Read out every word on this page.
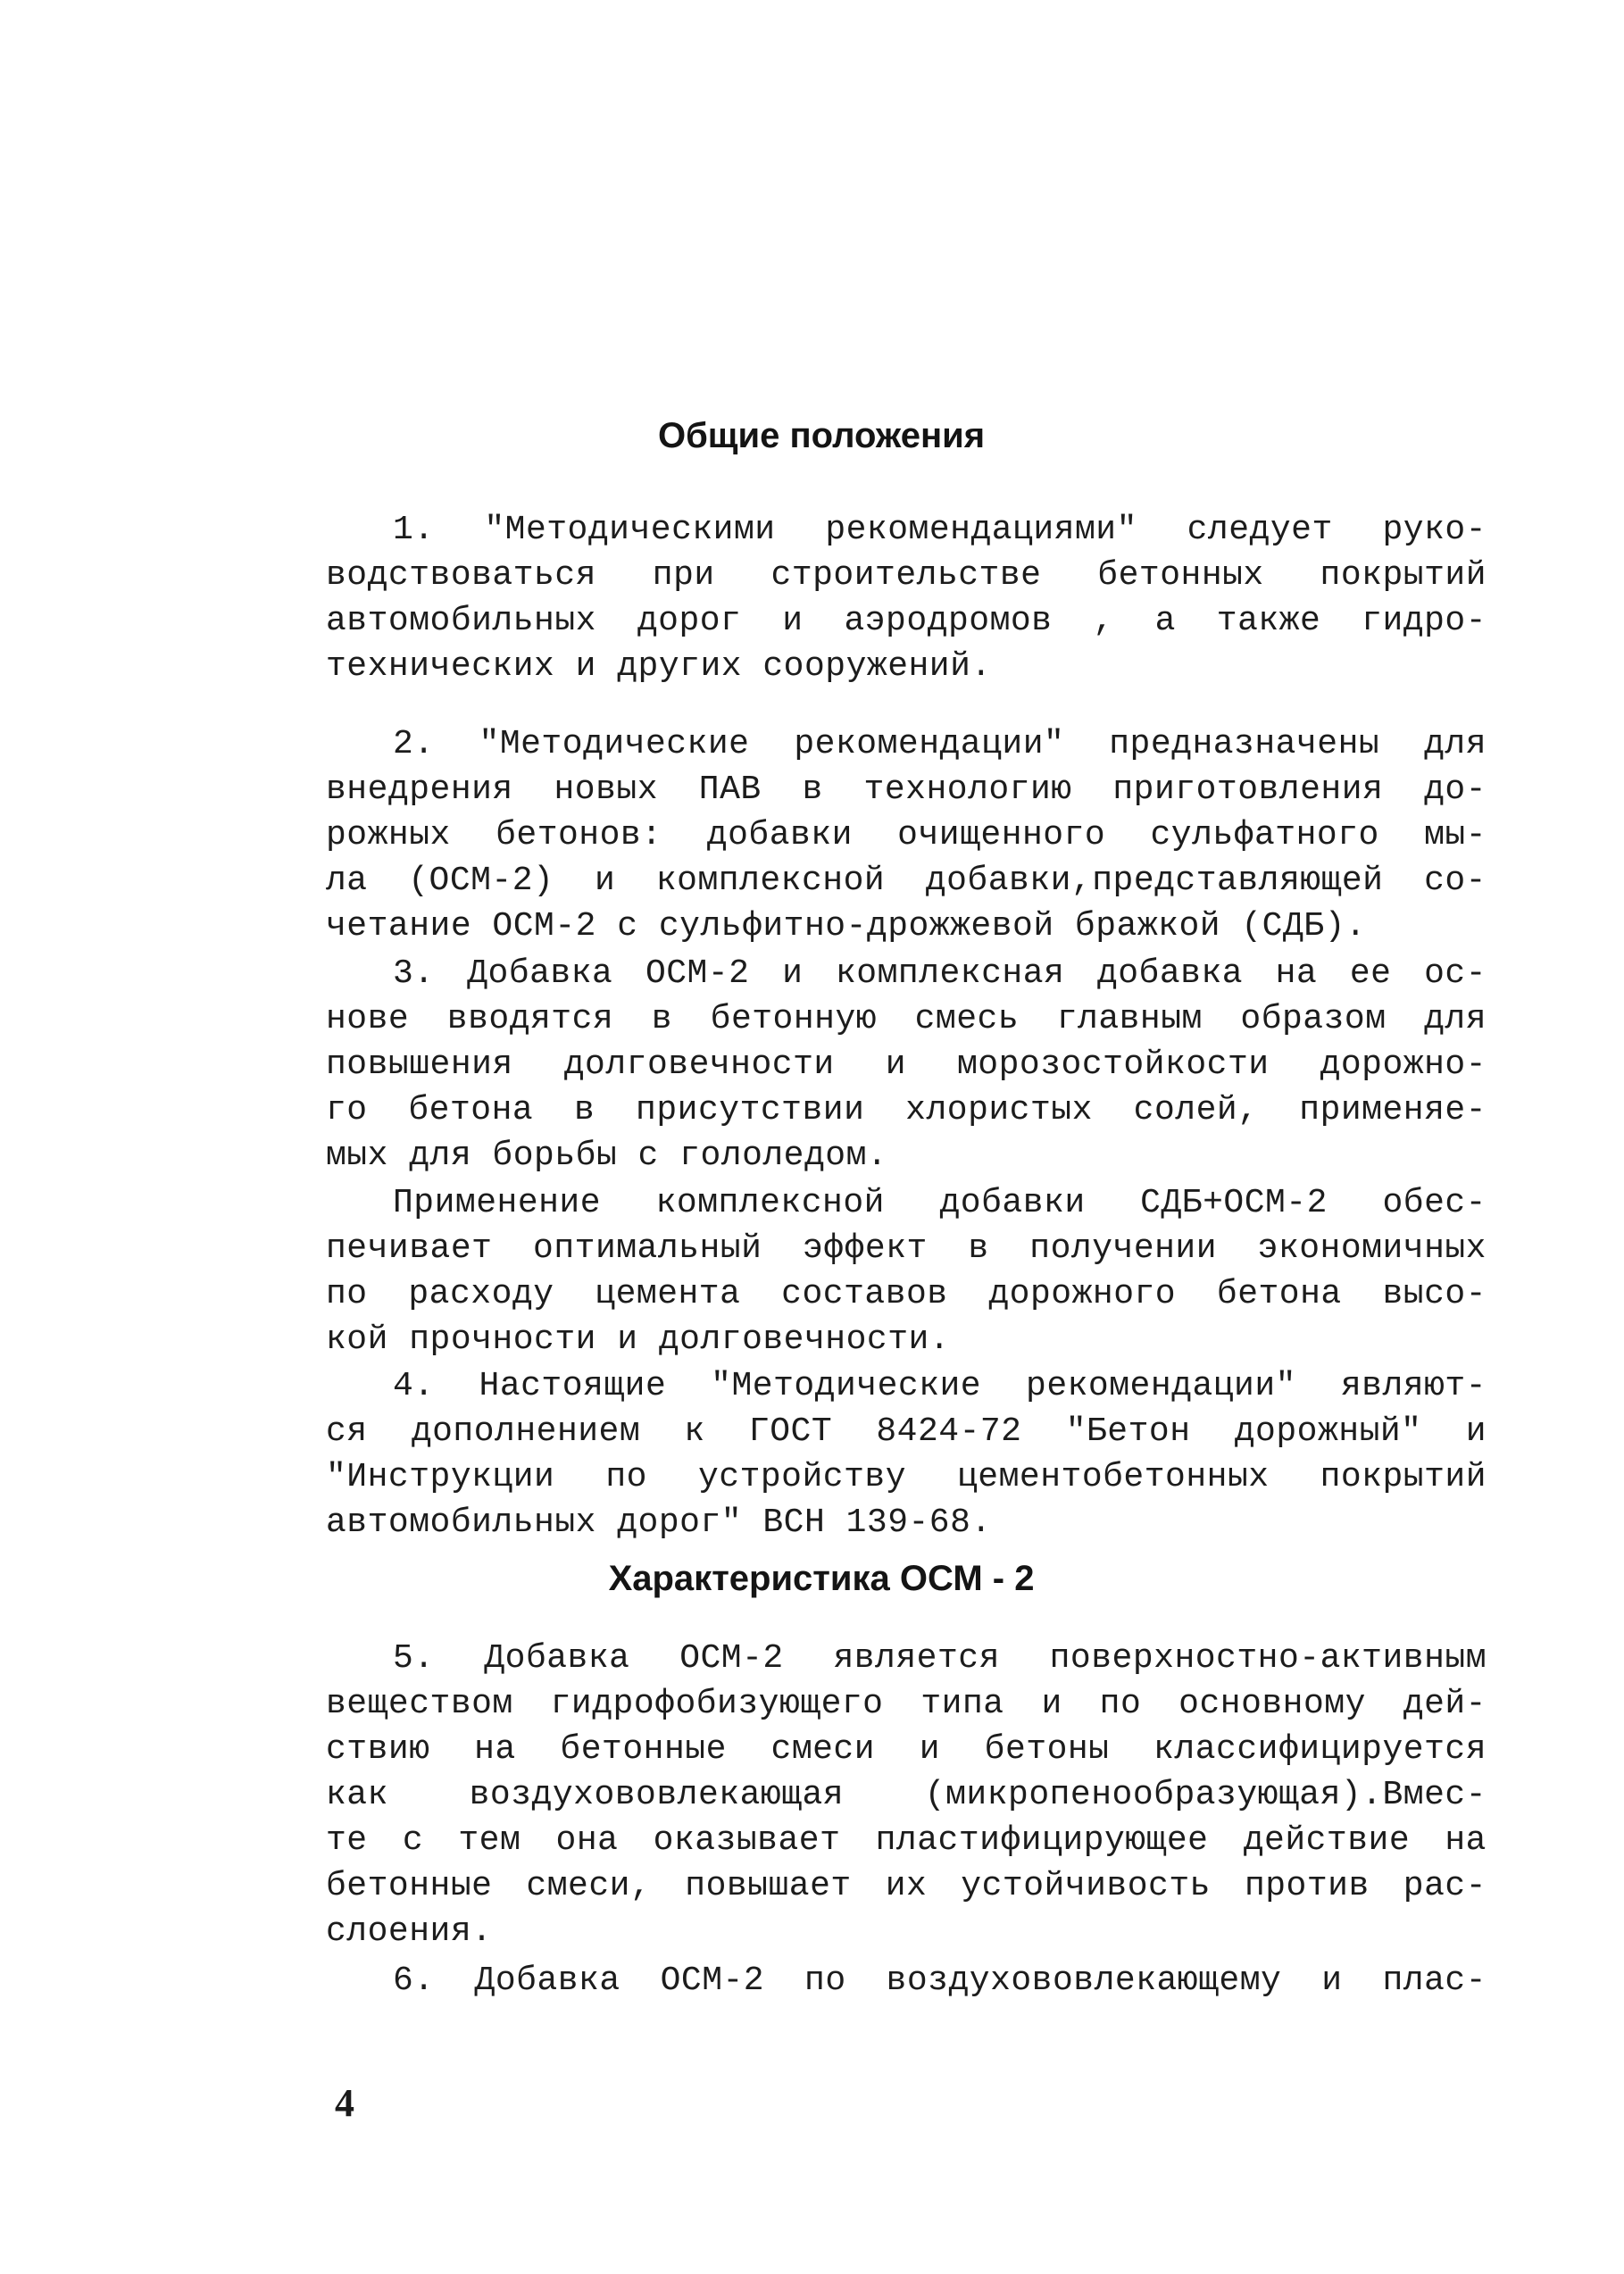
Общие положения
1. ″Методическими рекомендациями″ следует руко-
водствоваться при строительстве бетонных покрытий
автомобильных дорог и аэродромов , а также гидро-
технических и других сооружений.
2. ″Методические рекомендации″ предназначены для
внедрения новых ПАВ в технологию приготовления до-
рожных бетонов: добавки очищенного сульфатного мы-
ла (ОСМ-2) и комплексной добавки,представляющей со-
четание ОСМ-2 с сульфитно-дрожжевой бражкой (СДБ).
3. Добавка ОСМ-2 и комплексная добавка на ее ос-
нове вводятся в бетонную смесь главным образом для
повышения долговечности и морозостойкости дорожно-
го бетона в присутствии хлористых солей, применяе-
мых для борьбы с гололедом.
Применение комплексной добавки СДБ+ОСМ-2 обес-
печивает оптимальный эффект в получении экономичных
по расходу цемента составов дорожного бетона высо-
кой прочности и долговечности.
4. Настоящие ″Методические рекомендации″ являют-
ся дополнением к ГОСТ 8424-72 ″Бетон дорожный″ и
″Инструкции по устройству цементобетонных покрытий
автомобильных дорог″ ВСН 139-68.
Характеристика ОСМ - 2
5. Добавка ОСМ-2 является поверхностно-активным
веществом гидрофобизующего типа и по основному дей-
ствию на бетонные смеси и бетоны классифицируется
как воздухововлекающая (микропенообразующая).Вмес-
те с тем она оказывает пластифицирующее действие на
бетонные смеси, повышает их устойчивость против рас-
слоения.
6. Добавка ОСМ-2 по воздухововлекающему и плас-
4
